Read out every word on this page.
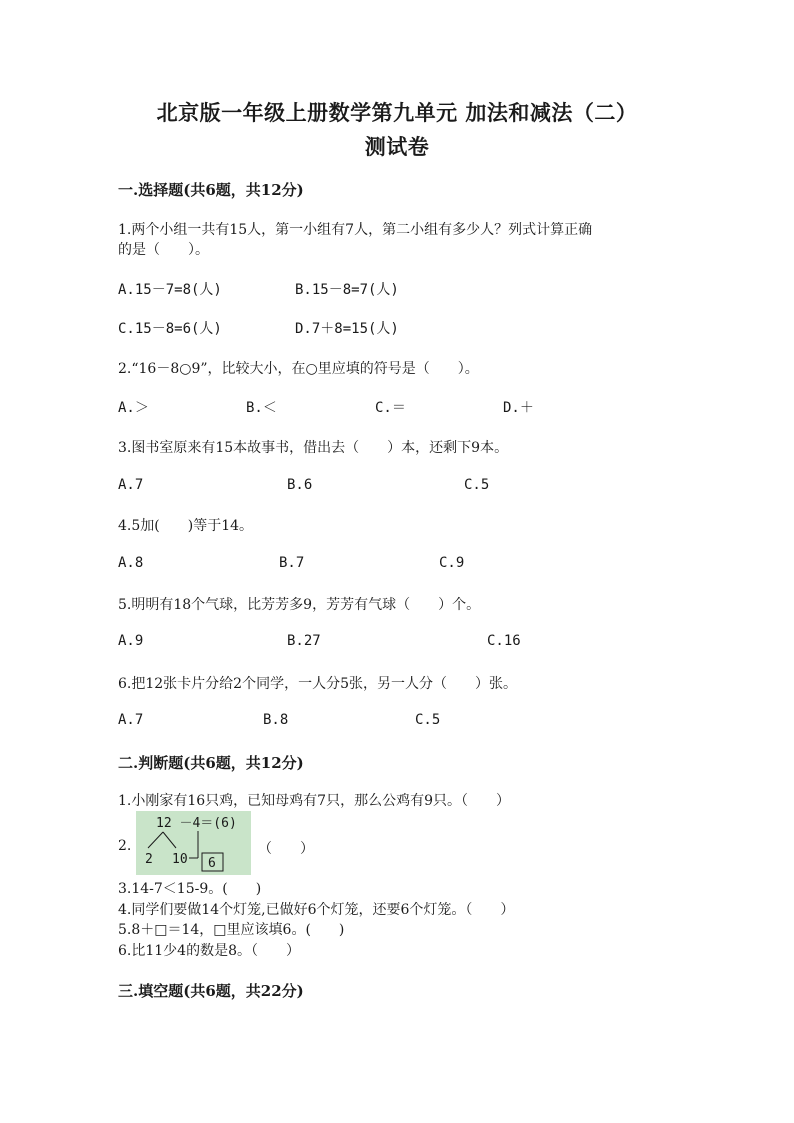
北京版一年级上册数学第九单元 加法和减法（二）
测试卷
一.选择题(共6题，共12分)
1.两个小组一共有15人，第一小组有7人，第二小组有多少人？列式计算正确
的是（　　）。
A.15－7=8(人)	B.15－8=7(人)
C.15－8=6(人)	D.7＋8=15(人)
2.“16－8○9”，比较大小，在○里应填的符号是（　　）。
A.＞	B.＜	C.＝	D.＋
3.图书室原来有15本故事书，借出去（　　）本，还剩下9本。
A.7	B.6	C.5
4.5加(　　)等于14。
A.8	B.7	C.9
5.明明有18个气球，比芳芳多9，芳芳有气球（　　）个。
A.9	B.27	C.16
6.把12张卡片分给2个同学，一人分5张，另一人分（　　）张。
A.7	B.8	C.5
二.判断题(共6题，共12分)
1.小刚家有16只鸡，已知母鸡有7只，那么公鸡有9只。（　　）
2.
12 －4＝(6)
2 10 6
（　　）
3.14-7＜15-9。(　　)
4.同学们要做14个灯笼,已做好6个灯笼，还要6个灯笼。（　　）
5.8＋□＝14，□里应该填6。(　　)
6.比11少4的数是8。（　　）
三.填空题(共6题，共22分)
